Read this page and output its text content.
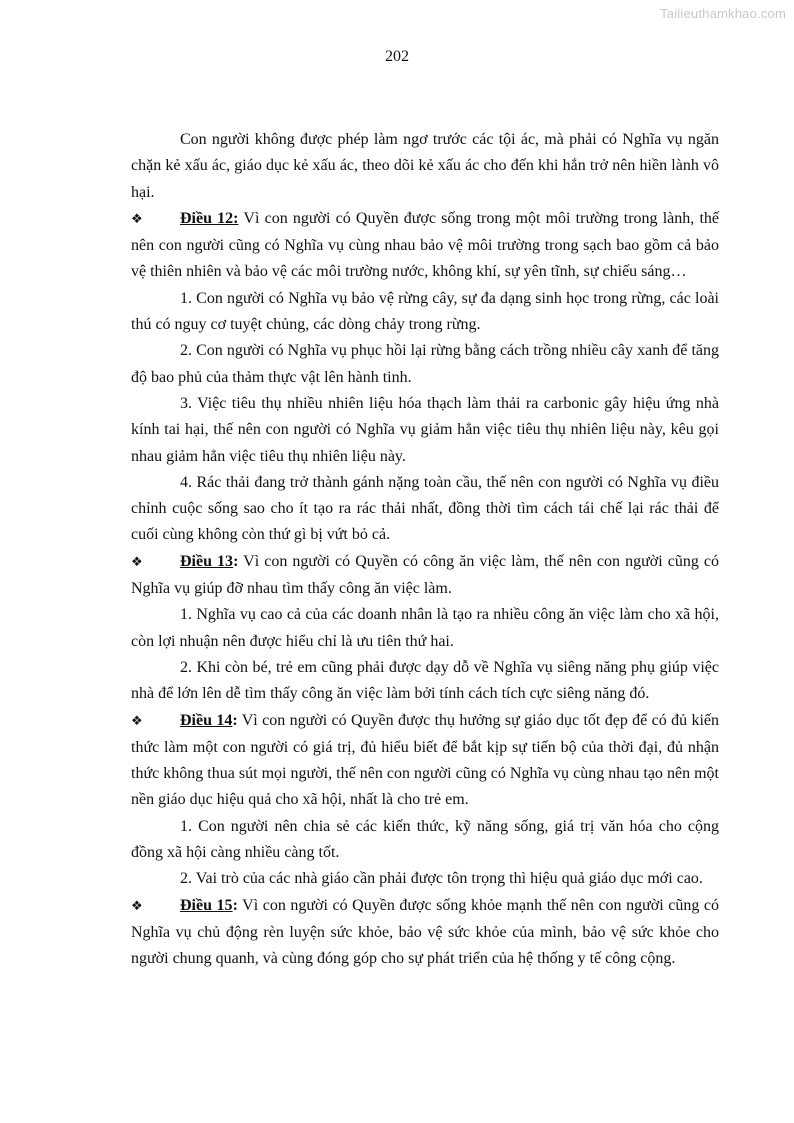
Tailieuthamkhao.com
202

Con người không được phép làm ngơ trước các tội ác, mà phải có Nghĩa vụ ngăn chặn kẻ xấu ác, giáo dục kẻ xấu ác, theo dõi kẻ xấu ác cho đến khi hắn trở nên hiền lành vô hại.

❖ Điều 12: Vì con người có Quyền được sống trong một môi trường trong lành, thế nên con người cũng có Nghĩa vụ cùng nhau bảo vệ môi trường trong sạch bao gồm cả bảo vệ thiên nhiên và bảo vệ các môi trường nước, không khí, sự yên tĩnh, sự chiếu sáng…

1. Con người có Nghĩa vụ bảo vệ rừng cây, sự đa dạng sinh học trong rừng, các loài thú có nguy cơ tuyệt chủng, các dòng chảy trong rừng.

2. Con người có Nghĩa vụ phục hồi lại rừng bằng cách trồng nhiều cây xanh để tăng độ bao phủ của thảm thực vật lên hành tinh.

3. Việc tiêu thụ nhiều nhiên liệu hóa thạch làm thải ra carbonic gây hiệu ứng nhà kính tai hại, thế nên con người có Nghĩa vụ giảm hẳn việc tiêu thụ nhiên liệu này, kêu gọi nhau giảm hẳn việc tiêu thụ nhiên liệu này.

4. Rác thải đang trở thành gánh nặng toàn cầu, thế nên con người có Nghĩa vụ điều chỉnh cuộc sống sao cho ít tạo ra rác thải nhất, đồng thời tìm cách tái chế lại rác thải để cuối cùng không còn thứ gì bị vứt bỏ cả.

❖ Điều 13: Vì con người có Quyền có công ăn việc làm, thế nên con người cũng có Nghĩa vụ giúp đỡ nhau tìm thấy công ăn việc làm.

1. Nghĩa vụ cao cả của các doanh nhân là tạo ra nhiều công ăn việc làm cho xã hội, còn lợi nhuận nên được hiểu chỉ là ưu tiên thứ hai.

2. Khi còn bé, trẻ em cũng phải được dạy dỗ về Nghĩa vụ siêng năng phụ giúp việc nhà để lớn lên dễ tìm thấy công ăn việc làm bởi tính cách tích cực siêng năng đó.

❖ Điều 14: Vì con người có Quyền được thụ hưởng sự giáo dục tốt đẹp để có đủ kiến thức làm một con người có giá trị, đủ hiểu biết để bắt kịp sự tiến bộ của thời đại, đủ nhận thức không thua sút mọi người, thế nên con người cũng có Nghĩa vụ cùng nhau tạo nên một nền giáo dục hiệu quả cho xã hội, nhất là cho trẻ em.

1. Con người nên chia sẻ các kiến thức, kỹ năng sống, giá trị văn hóa cho cộng đồng xã hội càng nhiều càng tốt.

2. Vai trò của các nhà giáo cần phải được tôn trọng thì hiệu quả giáo dục mới cao.

❖ Điều 15: Vì con người có Quyền được sống khỏe mạnh thế nên con người cũng có Nghĩa vụ chủ động rèn luyện sức khỏe, bảo vệ sức khỏe của mình, bảo vệ sức khỏe cho người chung quanh, và cùng đóng góp cho sự phát triển của hệ thống y tế công cộng.
